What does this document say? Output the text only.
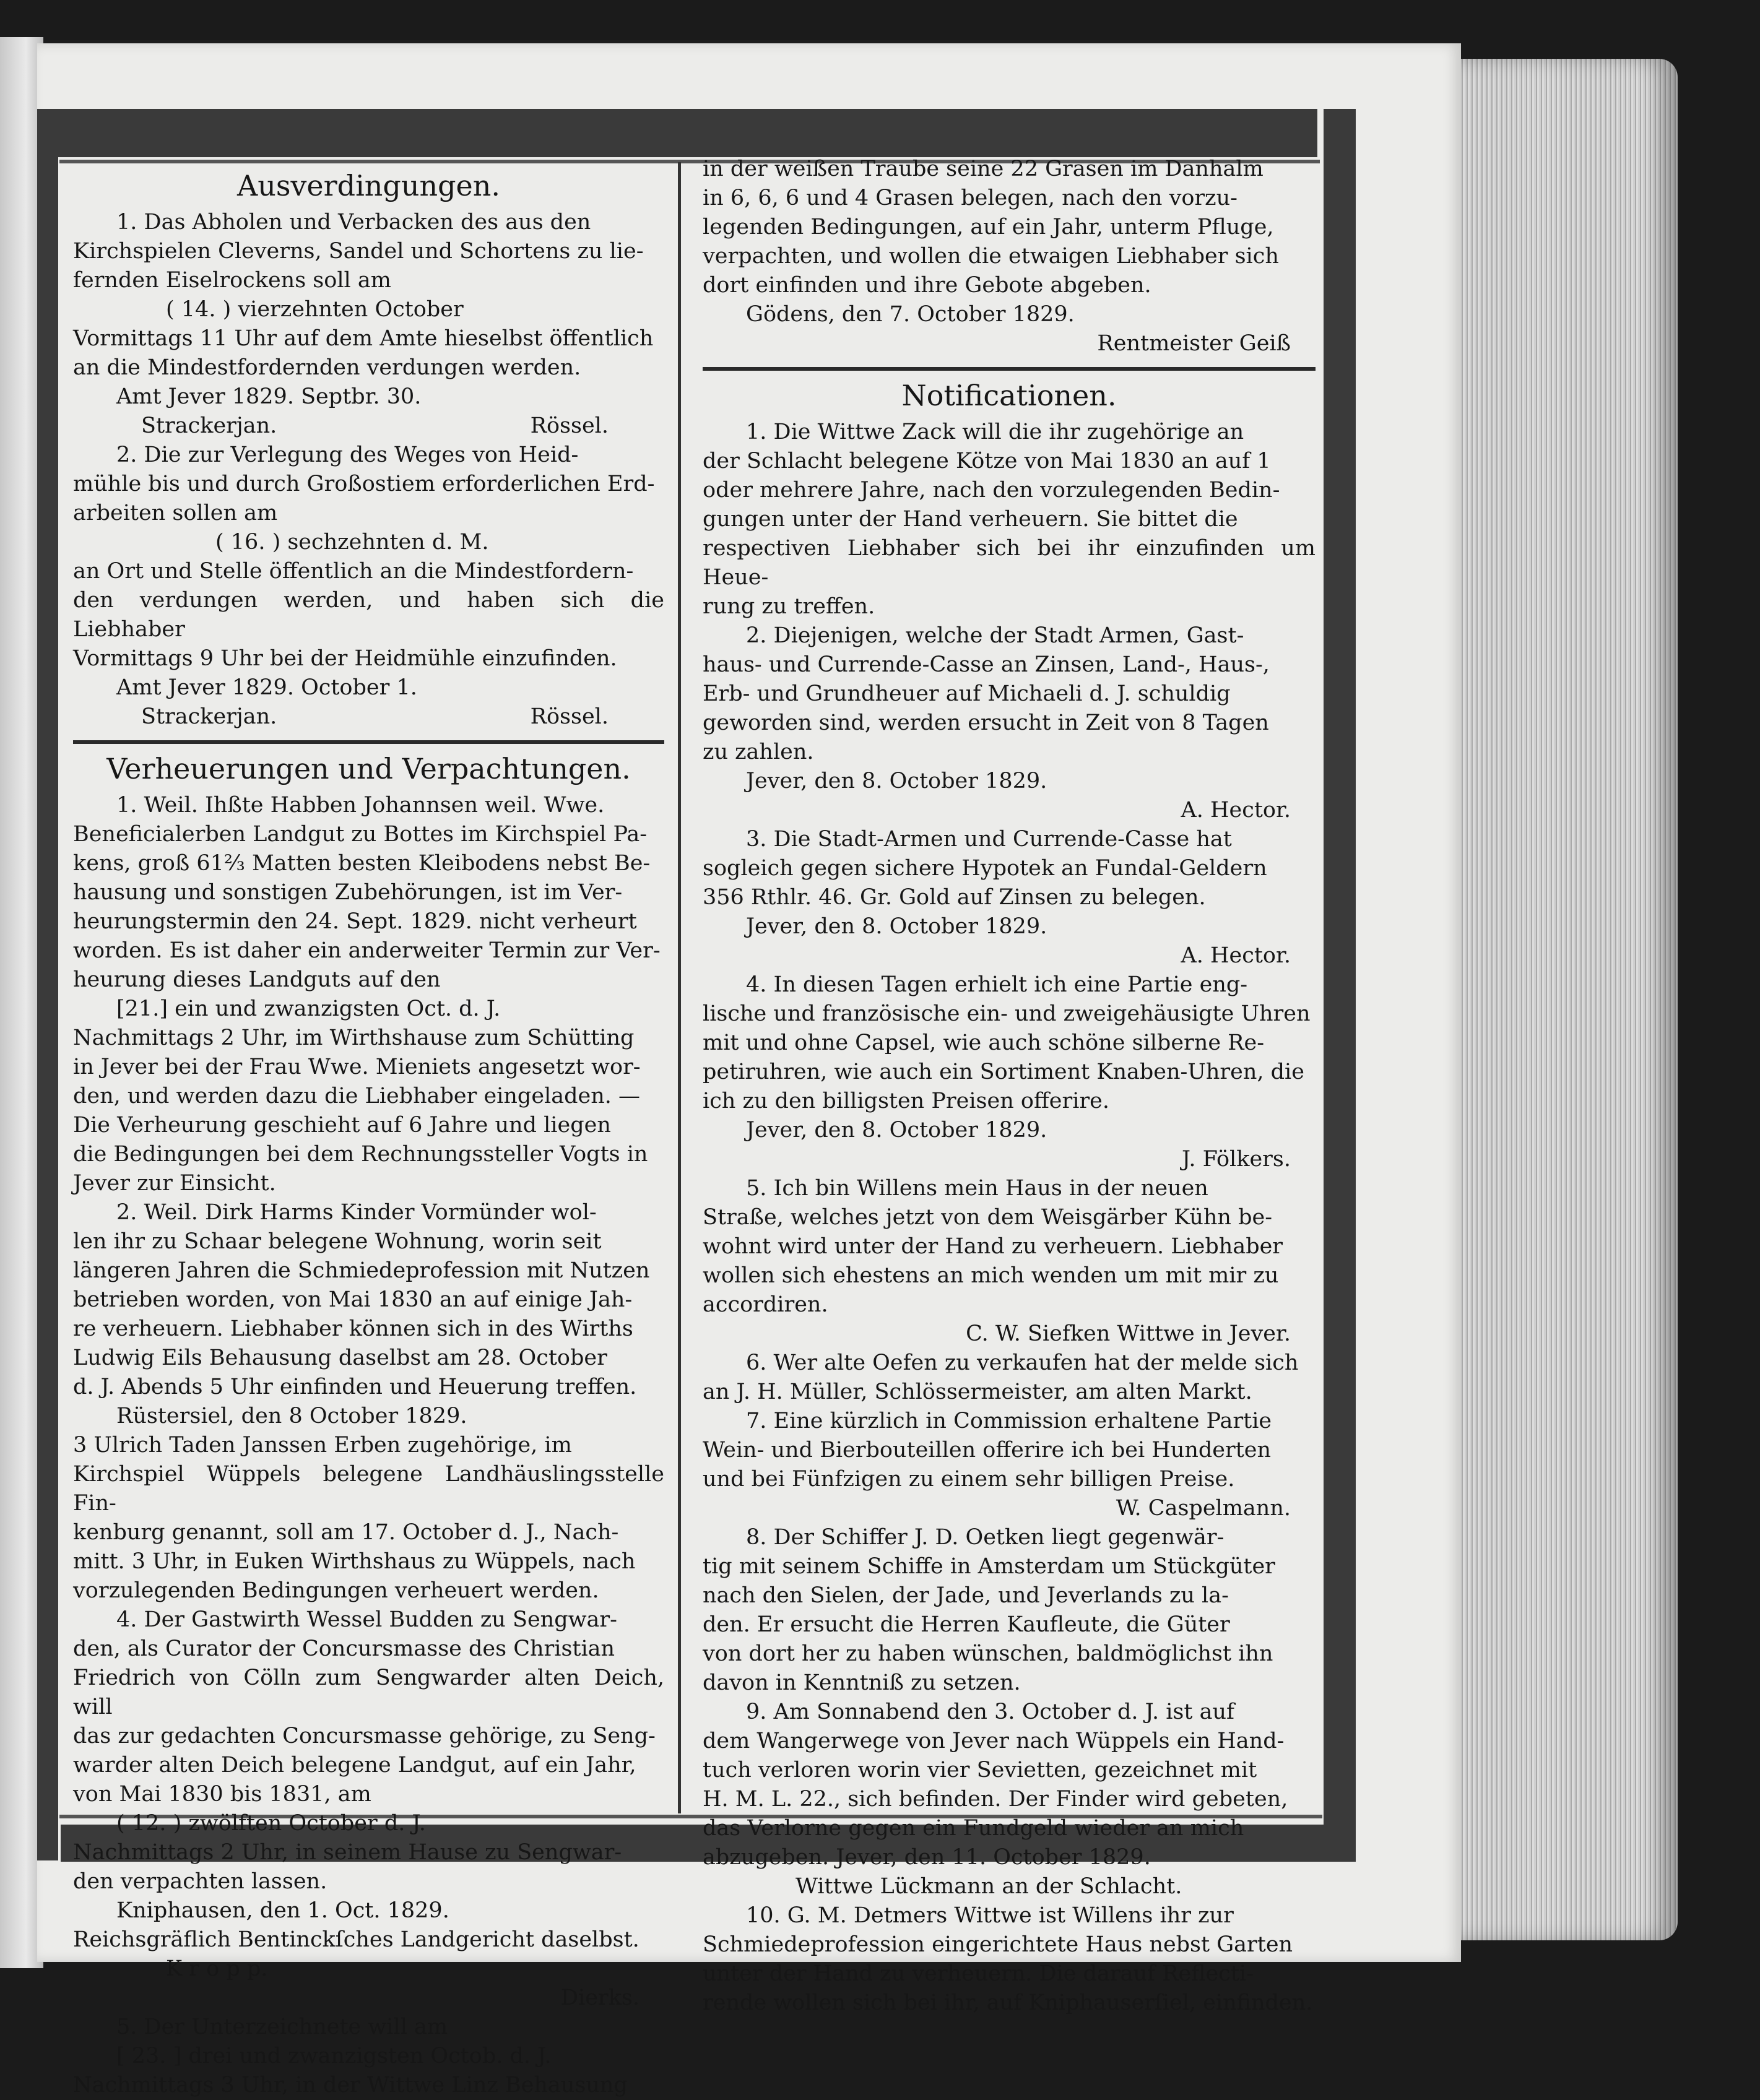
Ausverdingungen.
1. Das Abholen und Verbacken des aus den
Kirchspielen Cleverns, Sandel und Schortens zu lie-
fernden Eiselrockens soll am
( 14. ) vierzehnten October
Vormittags 11 Uhr auf dem Amte hieselbst öffentlich
an die Mindestfordernden verdungen werden.
Amt Jever 1829. Septbr. 30.
Strackerjan.	Rössel.
2. Die zur Verlegung des Weges von Heid-
mühle bis und durch Großostiem erforderlichen Erd-
arbeiten sollen am
( 16. ) sechzehnten d. M.
an Ort und Stelle öffentlich an die Mindestfordern-
den verdungen werden, und haben sich die Liebhaber
Vormittags 9 Uhr bei der Heidmühle einzufinden.
Amt Jever 1829. October 1.
Strackerjan.	Rössel.
Verheuerungen und Verpachtungen.
1. Weil. Ihßte Habben Johannsen weil. Wwe.
Beneficialerben Landgut zu Bottes im Kirchspiel Pa-
kens, groß 61⅔ Matten besten Kleibodens nebst Be-
hausung und sonstigen Zubehörungen, ist im Ver-
heurungstermin den 24. Sept. 1829. nicht verheurt
worden. Es ist daher ein anderweiter Termin zur Ver-
heurung dieses Landguts auf den
[21.] ein und zwanzigsten Oct. d. J.
Nachmittags 2 Uhr, im Wirthshause zum Schütting
in Jever bei der Frau Wwe. Mieniets angesetzt wor-
den, und werden dazu die Liebhaber eingeladen. —
Die Verheurung geschieht auf 6 Jahre und liegen
die Bedingungen bei dem Rechnungssteller Vogts in
Jever zur Einsicht.
2. Weil. Dirk Harms Kinder Vormünder wol-
len ihr zu Schaar belegene Wohnung, worin seit
längeren Jahren die Schmiedeprofession mit Nutzen
betrieben worden, von Mai 1830 an auf einige Jah-
re verheuern. Liebhaber können sich in des Wirths
Ludwig Eils Behausung daselbst am 28. October
d. J. Abends 5 Uhr einfinden und Heuerung treffen.
Rüstersiel, den 8 October 1829.
3 Ulrich Taden Janssen Erben zugehörige, im
Kirchspiel Wüppels belegene Landhäuslingsstelle Fin-
kenburg genannt, soll am 17. October d. J., Nach-
mitt. 3 Uhr, in Euken Wirthshaus zu Wüppels, nach
vorzulegenden Bedingungen verheuert werden.
4. Der Gastwirth Wessel Budden zu Sengwar-
den, als Curator der Concursmasse des Christian
Friedrich von Cölln zum Sengwarder alten Deich, will
das zur gedachten Concursmasse gehörige, zu Seng-
warder alten Deich belegene Landgut, auf ein Jahr,
von Mai 1830 bis 1831, am
( 12. ) zwölften October d. J.
Nachmittags 2 Uhr, in seinem Hause zu Sengwar-
den verpachten lassen.
Kniphausen, den 1. Oct. 1829.
Reichsgräflich Bentinckſches Landgericht daselbst.
K r o p p.
Dierks.
5. Der Unterzeichnete will am
[ 23. ] drei und zwanzigsten Octob. d. J.
Nachmittags 3 Uhr, in der Wittwe Linz Behausung
in der weißen Traube seine 22 Grasen im Danhalm
in 6, 6, 6 und 4 Grasen belegen, nach den vorzu-
legenden Bedingungen, auf ein Jahr, unterm Pfluge,
verpachten, und wollen die etwaigen Liebhaber sich
dort einfinden und ihre Gebote abgeben.
Gödens, den 7. October 1829.
Rentmeister Geiß
Notificationen.
1. Die Wittwe Zack will die ihr zugehörige an
der Schlacht belegene Kötze von Mai 1830 an auf 1
oder mehrere Jahre, nach den vorzulegenden Bedin-
gungen unter der Hand verheuern. Sie bittet die
respectiven Liebhaber sich bei ihr einzufinden um Heue-
rung zu treffen.
2. Diejenigen, welche der Stadt Armen, Gast-
haus- und Currende-Casse an Zinsen, Land-, Haus-,
Erb- und Grundheuer auf Michaeli d. J. schuldig
geworden sind, werden ersucht in Zeit von 8 Tagen
zu zahlen.
Jever, den 8. October 1829.
A. Hector.
3. Die Stadt-Armen und Currende-Casse hat
sogleich gegen sichere Hypotek an Fundal-Geldern
356 Rthlr. 46. Gr. Gold auf Zinsen zu belegen.
Jever, den 8. October 1829.
A. Hector.
4. In diesen Tagen erhielt ich eine Partie eng-
lische und französische ein- und zweigehäusigte Uhren
mit und ohne Capsel, wie auch schöne silberne Re-
petiruhren, wie auch ein Sortiment Knaben-Uhren, die
ich zu den billigsten Preisen offerire.
Jever, den 8. October 1829.
J. Fölkers.
5. Ich bin Willens mein Haus in der neuen
Straße, welches jetzt von dem Weisgärber Kühn be-
wohnt wird unter der Hand zu verheuern. Liebhaber
wollen sich ehestens an mich wenden um mit mir zu
accordiren.
C. W. Siefken Wittwe in Jever.
6. Wer alte Oefen zu verkaufen hat der melde sich
an J. H. Müller, Schlössermeister, am alten Markt.
7. Eine kürzlich in Commission erhaltene Partie
Wein- und Bierbouteillen offerire ich bei Hunderten
und bei Fünfzigen zu einem sehr billigen Preise.
W. Caspelmann.
8. Der Schiffer J. D. Oetken liegt gegenwär-
tig mit seinem Schiffe in Amsterdam um Stückgüter
nach den Sielen, der Jade, und Jeverlands zu la-
den. Er ersucht die Herren Kaufleute, die Güter
von dort her zu haben wünschen, baldmöglichst ihn
davon in Kenntniß zu setzen.
9. Am Sonnabend den 3. October d. J. ist auf
dem Wangerwege von Jever nach Wüppels ein Hand-
tuch verloren worin vier Sevietten, gezeichnet mit
H. M. L. 22., sich befinden. Der Finder wird gebeten,
das Verlorne gegen ein Fundgeld wieder an mich
abzugeben. Jever, den 11. October 1829.
Wittwe Lückmann an der Schlacht.
10. G. M. Detmers Wittwe ist Willens ihr zur
Schmiedeprofession eingerichtete Haus nebst Garten
unter der Hand zu verheuern. Die darauf Reflecti-
rende wollen sich bei ihr, auf Kniphauserſiel, einfinden.
